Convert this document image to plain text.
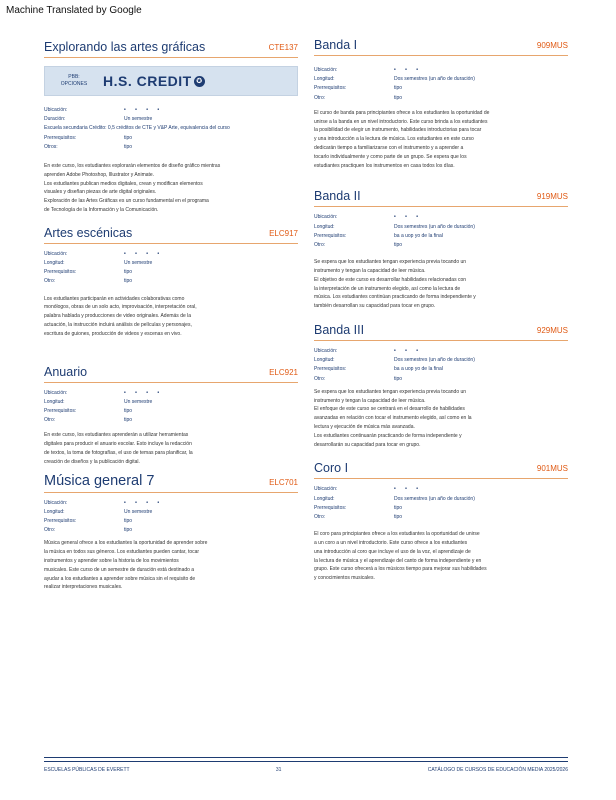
Machine Translated by Google
Explorando las artes gráficas	CTE137
PBB:
OPCIONES	H.S. CREDIT ✪
Ubicación:	• • • •
Duración:	Un semestre
Escuela secundaria Crédito: 0,5 créditos de CTE y V&P Arte, equivalencia del curso
Prerrequisitos:	tipo
Otros:	tipo
En este curso, los estudiantes explorarán elementos de diseño gráfico mientras
aprenden Adobe Photoshop, Illustrator y Animate.
Los estudiantes publican medios digitales, crean y modifican elementos
visuales y diseñan piezas de arte digital originales.
Exploración de las Artes Gráficas es un curso fundamental en el programa
de Tecnología de la Información y la Comunicación.
Artes escénicas	ELC917
Ubicación:	• • • •
Longitud:	Un semestre
Prerrequisitos:	tipo
Otro:	tipo
Los estudiantes participarán en actividades colaborativas como
monólogos, obras de un solo acto, improvisación, interpretación oral,
palabra hablada y producciones de video originales. Además de la
actuación, la instrucción incluirá análisis de películas y personajes,
escritura de guiones, producción de videos y escenas en vivo.
Anuario	ELC921
Ubicación:	• • • •
Longitud:	Un semestre
Prerrequisitos:	tipo
Otro:	tipo
En este curso, los estudiantes aprenderán a utilizar herramientas
digitales para producir el anuario escolar. Esto incluye la redacción
de textos, la toma de fotografías, el uso de temas para planificar, la
creación de diseños y la publicación digital.
Música general 7	ELC701
Ubicación:	• • • •
Longitud:	Un semestre
Prerrequisitos:	tipo
Otro:	tipo
Música general ofrece a los estudiantes la oportunidad de aprender sobre
la música en todos sus géneros. Los estudiantes pueden cantar, tocar
instrumentos y aprender sobre la historia de los movimientos
musicales. Este curso de un semestre de duración está destinado a
ayudar a los estudiantes a aprender sobre música sin el requisito de
realizar interpretaciones musicales.
Banda I	909MUS
Ubicación:	• • •
Longitud:	Dos semestres (un año de duración)
Prerrequisitos:	tipo
Otro:	tipo
El curso de banda para principiantes ofrece a los estudiantes la oportunidad de
unirse a la banda en un nivel introductorio. Este curso brinda a los estudiantes
la posibilidad de elegir un instrumento, habilidades introductorias para tocar
y una introducción a la lectura de música. Los estudiantes en este curso
dedicarán tiempo a familiarizarse con el instrumento y a aprender a
tocarlo individualmente y como parte de un grupo. Se espera que los
estudiantes practiquen los instrumentos en casa todos los días.
Banda II	919MUS
Ubicación:	• • •
Longitud:	Dos semestres (un año de duración)
Prerrequisitos:	ba a uop yo de la final
Otro:	tipo
Se espera que los estudiantes tengan experiencia previa tocando un
instrumento y tengan la capacidad de leer música.
El objetivo de este curso es desarrollar habilidades relacionadas con
la interpretación de un instrumento elegido, así como la lectura de
música. Los estudiantes continúan practicando de forma independiente y
también desarrollan su capacidad para tocar en grupo.
Banda III	929MUS
Ubicación:	• • •
Longitud:	Dos semestres (un año de duración)
Prerrequisitos:	ba a uop yo de la final
Otro:	tipo
Se espera que los estudiantes tengan experiencia previa tocando un
instrumento y tengan la capacidad de leer música.
El enfoque de este curso se centrará en el desarrollo de habilidades
avanzadas en relación con tocar el instrumento elegido, así como en la
lectura y ejecución de música más avanzada.
Los estudiantes continuarán practicando de forma independiente y
desarrollarán su capacidad para tocar en grupo.
Coro I	901MUS
Ubicación:	• • •
Longitud:	Dos semestres (un año de duración)
Prerrequisitos:	tipo
Otro:	tipo
El coro para principiantes ofrece a los estudiantes la oportunidad de unirse
a un coro a un nivel introductorio. Este curso ofrece a los estudiantes
una introducción al coro que incluye el uso de la voz, el aprendizaje de
la lectura de música y el aprendizaje del canto de forma independiente y en
grupo. Este curso ofrecerá a los músicos tiempo para mejorar sus habilidades
y conocimientos musicales.
ESCUELAS PÚBLICAS DE EVERETT	31	CATÁLOGO DE CURSOS DE EDUCACIÓN MEDIA 2025/2026
